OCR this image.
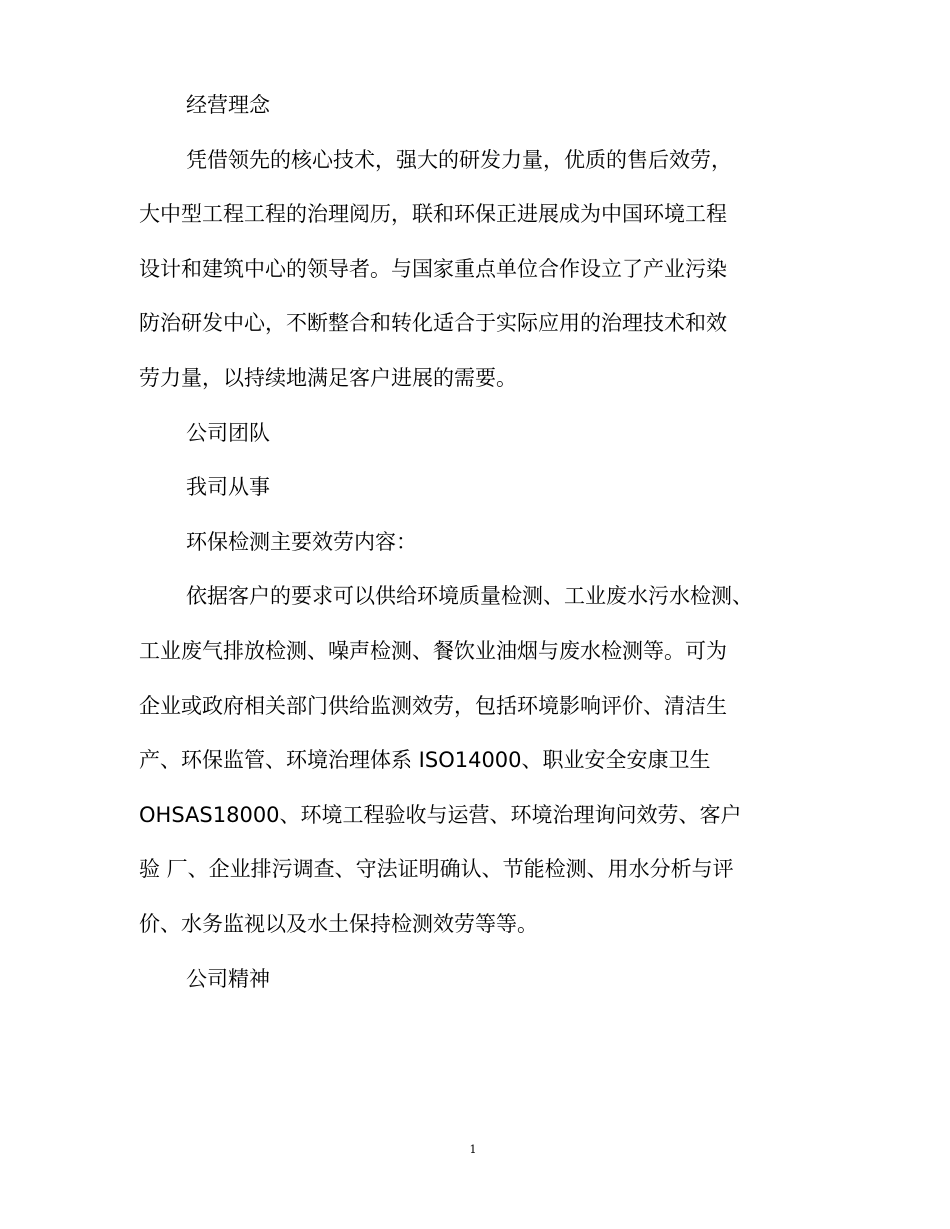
经营理念

凭借领先的核心技术，强大的研发力量，优质的售后效劳，
大中型工程工程的治理阅历，联和环保正进展成为中国环境工程
设计和建筑中心的领导者。与国家重点单位合作设立了产业污染
防治研发中心，不断整合和转化适合于实际应用的治理技术和效
劳力量，以持续地满足客户进展的需要。

公司团队

我司从事

环保检测主要效劳内容：

依据客户的要求可以供给环境质量检测、工业废水污水检测、
工业废气排放检测、噪声检测、餐饮业油烟与废水检测等。可为
企业或政府相关部门供给监测效劳，包括环境影响评价、清洁生
产、环保监管、环境治理体系 ISO14000、职业安全安康卫生
OHSAS18000、环境工程验收与运营、环境治理询问效劳、客户
验 厂、企业排污调查、守法证明确认、节能检测、用水分析与评
价、水务监视以及水土保持检测效劳等等。

公司精神

1
